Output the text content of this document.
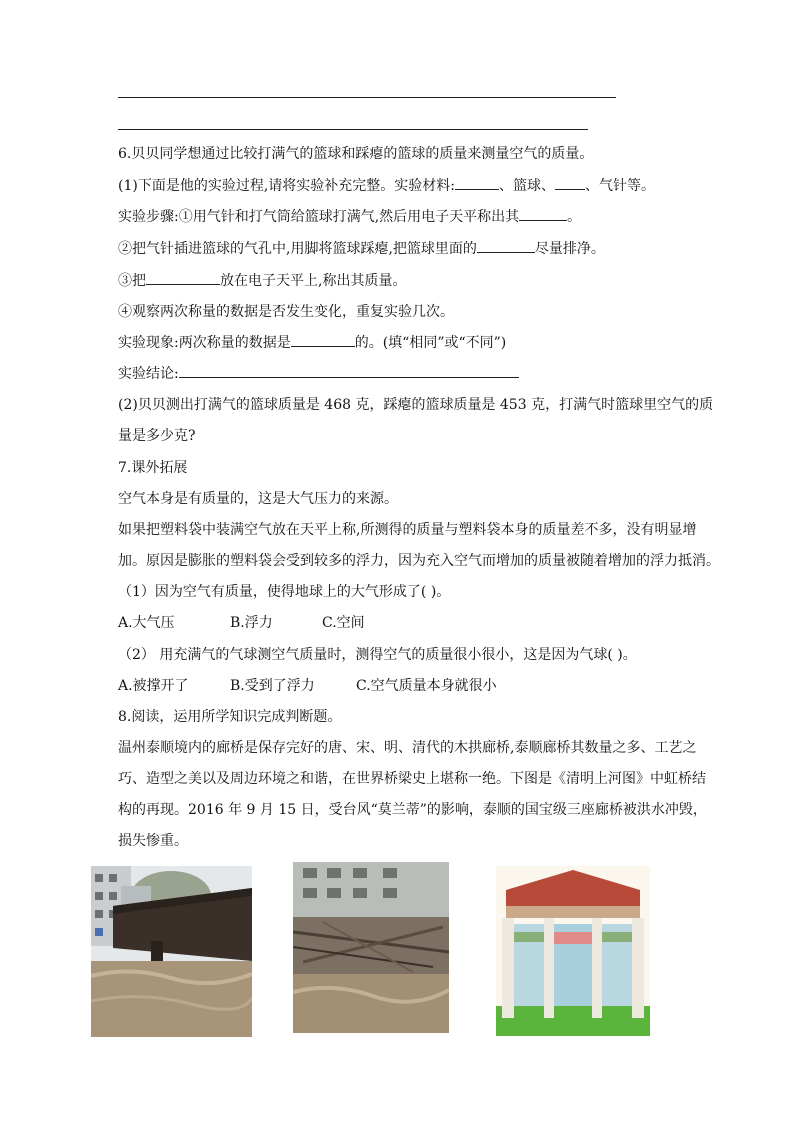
6.贝贝同学想通过比较打满气的篮球和踩瘪的篮球的质量来测量空气的质量。
(1)下面是他的实验过程,请将实验补充完整。实验材料:	、篮球、 、气针等。
实验步骤:①用气针和打气筒给篮球打满气,然后用电子天平称出其	。
②把气针插进篮球的气孔中,用脚将篮球踩瘪,把篮球里面的	尽量排净。
③把	放在电子天平上,称出其质量。
④观察两次称量的数据是否发生变化，重复实验几次。
实验现象:两次称量的数据是	的。(填“相同”或“不同”)
实验结论:
(2)贝贝测出打满气的篮球质量是 468 克，踩瘪的篮球质量是 453 克，打满气时篮球里空气的质
量是多少克?
7.课外拓展
空气本身是有质量的，这是大气压力的来源。
如果把塑料袋中装满空气放在天平上称,所测得的质量与塑料袋本身的质量差不多，没有明显增
加。原因是膨胀的塑料袋会受到较多的浮力，因为充入空气而增加的质量被随着增加的浮力抵消。
（1）因为空气有质量，使得地球上的大气形成了( )。
A.大气压	B.浮力	C.空间
（2） 用充满气的气球测空气质量时，测得空气的质量很小很小，这是因为气球( )。
A.被撑开了	B.受到了浮力	C.空气质量本身就很小
8.阅读，运用所学知识完成判断题。
温州泰顺境内的廊桥是保存完好的唐、宋、明、清代的木拱廊桥,泰顺廊桥其数量之多、工艺之
巧、造型之美以及周边环境之和谐，在世界桥梁史上堪称一绝。下图是《清明上河图》中虹桥结
构的再现。2016 年 9 月 15 日，受台风“莫兰蒂”的影响，泰顺的国宝级三座廊桥被洪水冲毁，
损失惨重。
